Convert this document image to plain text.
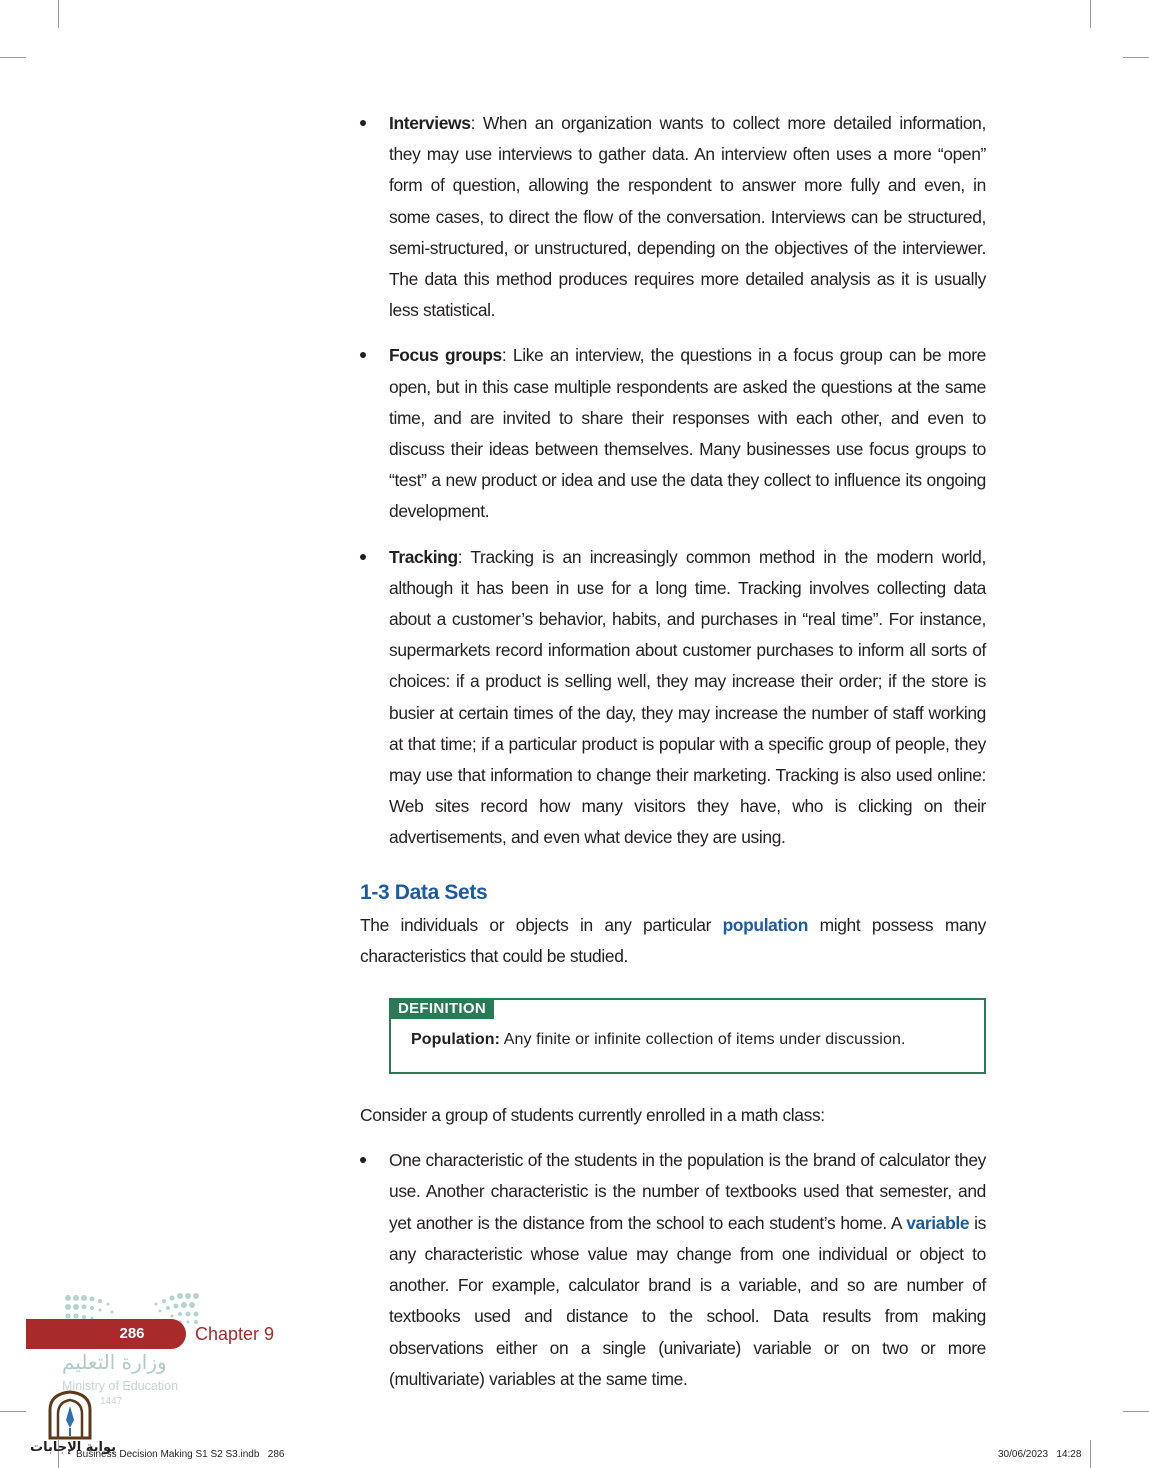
Interviews: When an organization wants to collect more detailed information, they may use interviews to gather data. An interview often uses a more “open” form of question, allowing the respondent to answer more fully and even, in some cases, to direct the flow of the conversation. Interviews can be structured, semi-structured, or unstructured, depending on the objectives of the interviewer. The data this method produces requires more detailed analysis as it is usually less statistical.
Focus groups: Like an interview, the questions in a focus group can be more open, but in this case multiple respondents are asked the questions at the same time, and are invited to share their responses with each other, and even to discuss their ideas between themselves. Many businesses use focus groups to “test” a new product or idea and use the data they collect to influence its ongoing development.
Tracking: Tracking is an increasingly common method in the modern world, although it has been in use for a long time. Tracking involves collecting data about a customer’s behavior, habits, and purchases in “real time”. For instance, supermarkets record information about customer purchases to inform all sorts of choices: if a product is selling well, they may increase their order; if the store is busier at certain times of the day, they may increase the number of staff working at that time; if a particular product is popular with a specific group of people, they may use that information to change their marketing. Tracking is also used online: Web sites record how many visitors they have, who is clicking on their advertisements, and even what device they are using.
1-3 Data Sets

The individuals or objects in any particular population might possess many characteristics that could be studied.

DEFINITION
Population: Any finite or infinite collection of items under discussion.

Consider a group of students currently enrolled in a math class:

One characteristic of the students in the population is the brand of calculator they use. Another characteristic is the number of textbooks used that semester, and yet another is the distance from the school to each student’s home. A variable is any characteristic whose value may change from one individual or object to another. For example, calculator brand is a variable, and so are number of textbooks used and distance to the school. Data results from making observations either on a single (univariate) variable or on two or more (multivariate) variables at the same time.
286	Chapter 9
وزارة التعليم
Ministry of Education
1447
بوابة الإجابات
Business Decision Making S1 S2 S3.indb   286	30/06/2023   14:28
